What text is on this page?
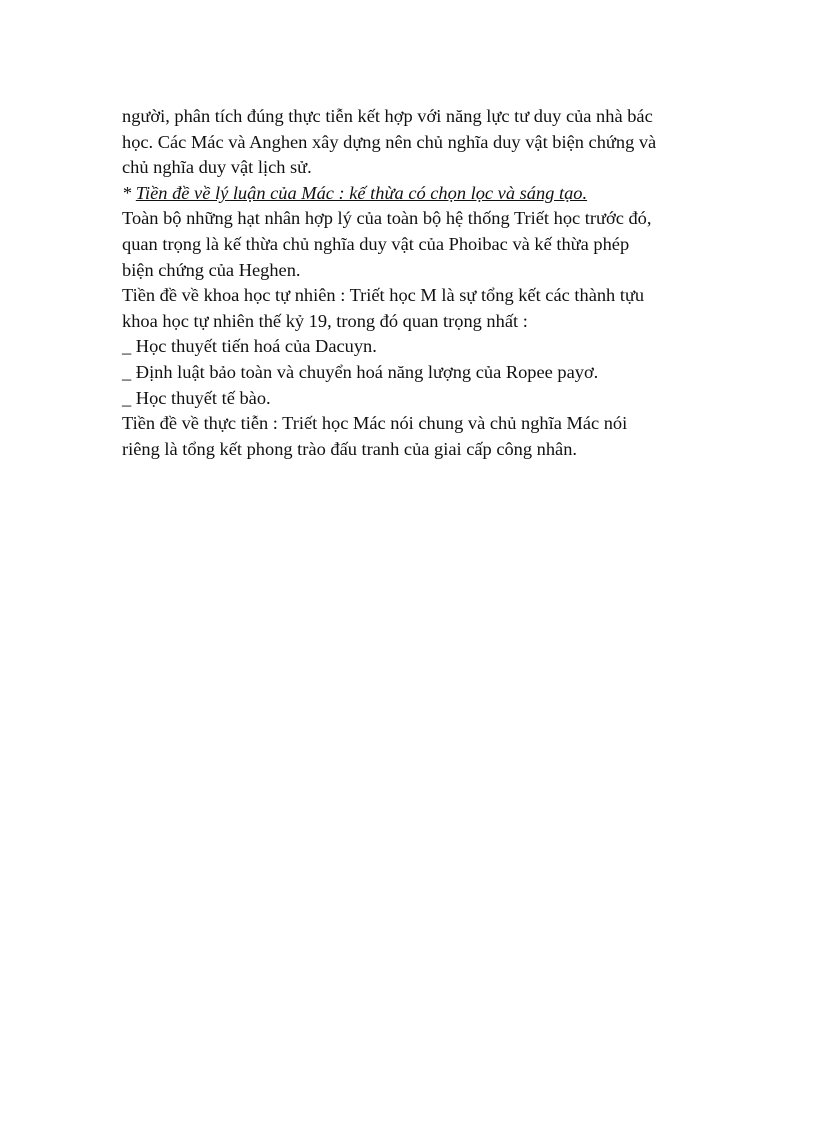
người, phân tích đúng thực tiễn kết hợp với năng lực tư duy của nhà bác
học. Các Mác và Anghen xây dựng nên chủ nghĩa duy vật biện chứng và
chủ nghĩa duy vật lịch sử.
* Tiền đề về lý luận của Mác : kế thừa có chọn lọc và sáng tạo.
Toàn bộ những hạt nhân hợp lý của toàn bộ hệ thống Triết học trước đó,
quan trọng là kế thừa chủ nghĩa duy vật của Phoibac và kế thừa phép
biện chứng của Heghen.
Tiền đề về khoa học tự nhiên : Triết học M là sự tổng kết các thành tựu
khoa học tự nhiên thế kỷ 19, trong đó quan trọng nhất :
_ Học thuyết tiến hoá của Dacuyn.
_ Định luật bảo toàn và chuyển hoá năng lượng của Ropee payơ.
_ Học thuyết tế bào.
Tiền đề về thực tiễn : Triết học Mác nói chung và chủ nghĩa Mác nói
riêng là tổng kết phong trào đấu tranh của giai cấp công nhân.
